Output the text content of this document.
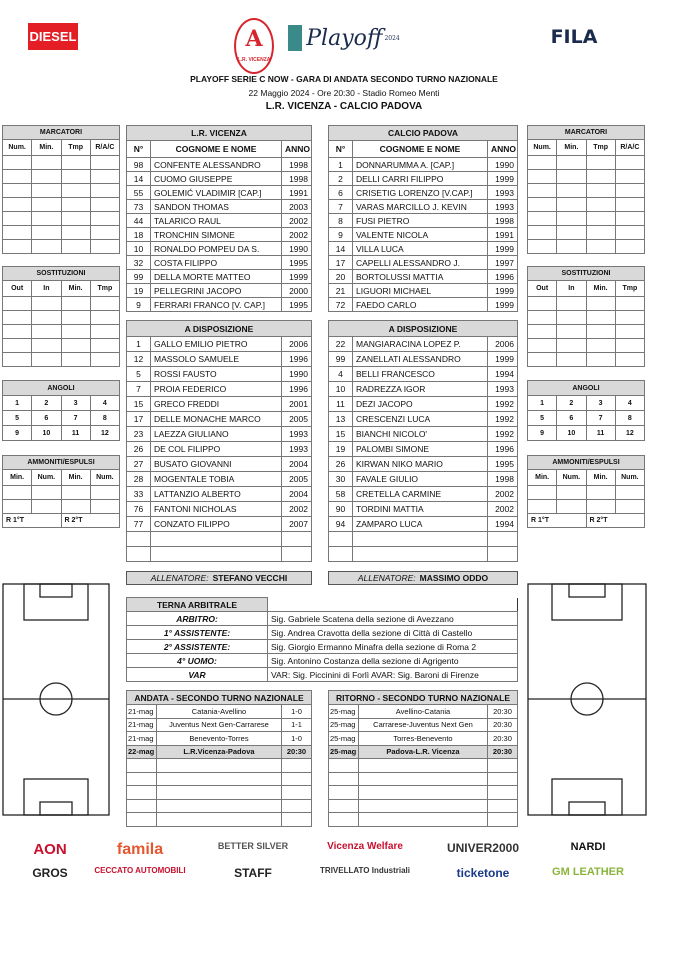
DIESEL	A
L.R. VICENZA
Playoff 2024	FILA
PLAYOFF SERIE C NOW - GARA DI ANDATA SECONDO TURNO NAZIONALE
22 Maggio 2024 - Ore 20:30 - Stadio Romeo Menti
L.R. VICENZA - CALCIO PADOVA
L.R. VICENZA		
N°	COGNOME E NOME	ANNO
98	CONFENTE ALESSANDRO	1998
14	CUOMO GIUSEPPE	1998
55	GOLEMIĆ VLADIMIR [CAP.]	1991
73	SANDON THOMAS	2003
44	TALARICO RAUL	2002
18	TRONCHIN SIMONE	2002
10	RONALDO POMPEU DA S.	1990
32	COSTA FILIPPO	1995
99	DELLA MORTE MATTEO	1999
19	PELLEGRINI JACOPO	2000
9	FERRARI FRANCO [V. CAP.]	1995
A DISPOSIZIONE		
1	GALLO EMILIO PIETRO	2006
12	MASSOLO SAMUELE	1996
5	ROSSI FAUSTO	1990
7	PROIA FEDERICO	1996
15	GRECO FREDDI	2001
17	DELLE MONACHE MARCO	2005
23	LAEZZA GIULIANO	1993
26	DE COL FILIPPO	1993
27	BUSATO GIOVANNI	2004
28	MOGENTALE TOBIA	2005
33	LATTANZIO ALBERTO	2004
76	FANTONI NICHOLAS	2002
77	CONZATO FILIPPO	2007

CALCIO PADOVA		
N°	COGNOME E NOME	ANNO
1	DONNARUMMA A. [CAP.]	1990
2	DELLI CARRI FILIPPO	1999
6	CRISETIG LORENZO [V.CAP.]	1993
7	VARAS MARCILLO J. KEVIN	1993
8	FUSI PIETRO	1998
9	VALENTE NICOLA	1991
14	VILLA LUCA	1999
17	CAPELLI ALESSANDRO J.	1997
20	BORTOLUSSI MATTIA	1996
21	LIGUORI MICHAEL	1999
72	FAEDO CARLO	1999
A DISPOSIZIONE		
22	MANGIARACINA LOPEZ P.	2006
99	ZANELLATI ALESSANDRO	1999
4	BELLI FRANCESCO	1994
10	RADREZZA IGOR	1993
11	DEZI JACOPO	1992
13	CRESCENZI LUCA	1992
15	BIANCHI NICOLO'	1992
19	PALOMBI SIMONE	1996
26	KIRWAN NIKO MARIO	1995
30	FAVALE GIULIO	1998
58	CRETELLA CARMINE	2002
90	TORDINI MATTIA	2002
94	ZAMPARO LUCA	1994

MARCATORI			
Num.	Min.	Tmp	R/A/C

SOSTITUZIONI			
Out	In	Min.	Tmp

ANGOLI			
1	2	3	4
5	6	7	8
9	10	11	12
AMMONITI/ESPULSI			
Min.	Num.	Min.	Num.

R 1°T		R 2°T	
MARCATORI			
Num.	Min.	Tmp	R/A/C

SOSTITUZIONI			
Out	In	Min.	Tmp

ANGOLI			
1	2	3	4
5	6	7	8
9	10	11	12
AMMONITI/ESPULSI			
Min.	Num.	Min.	Num.

R 1°T		R 2°T	
TERNA ARBITRALE	
ARBITRO:	Sig. Gabriele Scatena della sezione di Avezzano
1° ASSISTENTE:	Sig. Andrea Cravotta della sezione di Città di Castello
2° ASSISTENTE:	Sig. Giorgio Ermanno Minafra della sezione di Roma 2
4° UOMO:	Sig. Antonino Costanza della sezione di Agrigento
VAR	VAR: Sig. Piccinini di Forlì AVAR: Sig. Baroni di Firenze
ANDATA - SECONDO TURNO NAZIONALE		
21-mag	Catania-Avellino	1-0
21-mag	Juventus Next Gen-Carrarese	1-1
21-mag	Benevento-Torres	1-0
22-mag	L.R.Vicenza-Padova	20:30

RITORNO - SECONDO TURNO NAZIONALE		
25-mag	Avellino-Catania	20:30
25-mag	Carrarese-Juventus Next Gen	20:30
25-mag	Torres-Benevento	20:30
25-mag	Padova-L.R. Vicenza	20:30

ALLENATORE: STEFANO VECCHI	ALLENATORE: MASSIMO ODDO
AON	famila	BETTER SILVER	Vicenza Welfare	UNIVER2000	NARDI
GROS	CECCATO AUTOMOBILI	STAFF	TRIVELLATO Industriali	ticketone	GM LEATHER
